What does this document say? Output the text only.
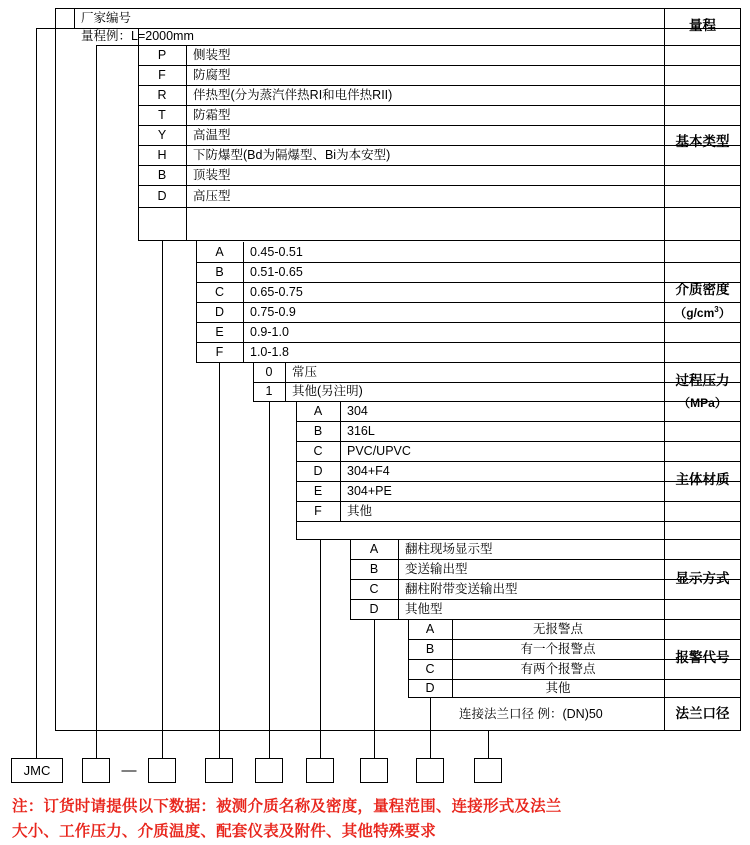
厂家编号
量程例：L=2000mm
量程
基本类型
介质密度
$(g/cm^3)$
过程压力
（MPa）
主体材质
显示方式
报警代号
法兰口径
P	侧装型
F	防腐型
R	伴热型(分为蒸汽伴热RI和电伴热RII)
T	防霜型
Y	高温型
H	下防爆型(Bd为隔爆型、Bi为本安型)
B	顶装型
D	高压型
A	0.45-0.51
B	0.51-0.65
C	0.65-0.75
D	0.75-0.9
E	0.9-1.0
F	1.0-1.8
0	常压
1	其他(另注明)
A	304
B	316L
C	PVC/UPVC
D	304+F4
E	304+PE
F	其他
A	翻柱现场显示型
B	变送输出型
C	翻柱附带变送输出型
D	其他型
A	无报警点
B	有一个报警点
C	有两个报警点
D	其他
连接法兰口径 例：(DN)50
JMC	—
注：订货时请提供以下数据：被测介质名称及密度，量程范围、连接形式及法兰
大小、工作压力、介质温度、配套仪表及附件、其他特殊要求
